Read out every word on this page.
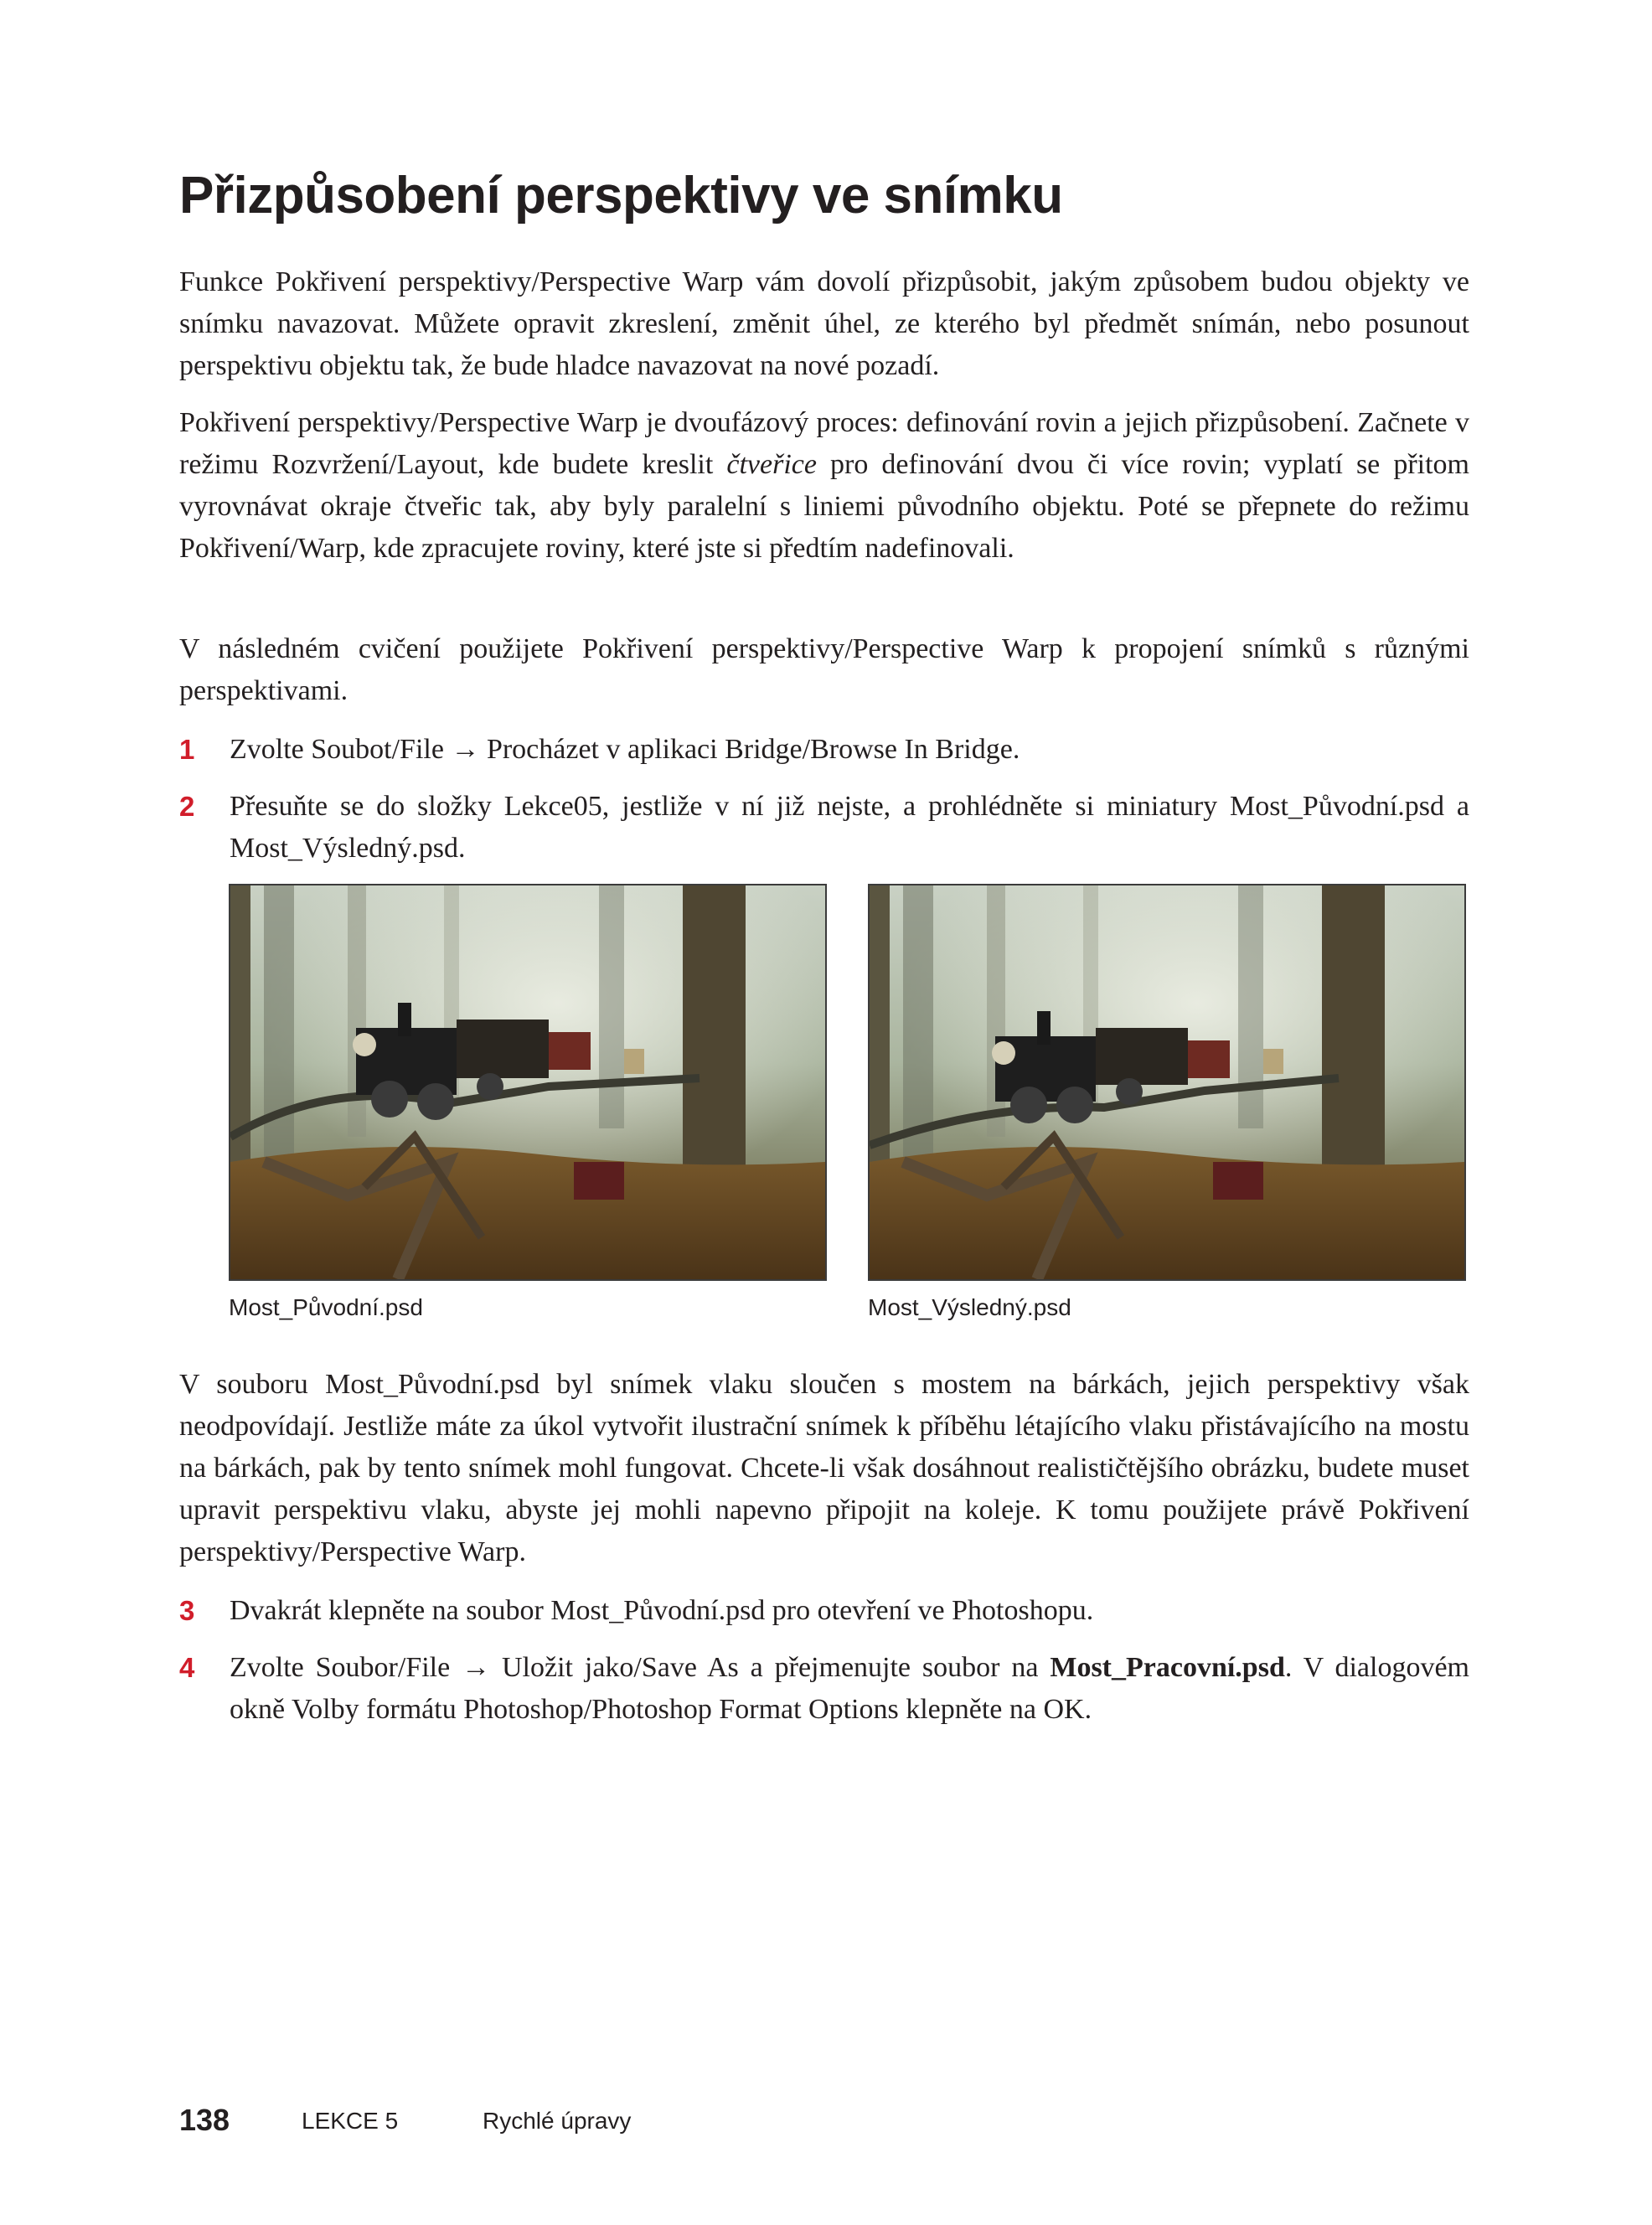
Přizpůsobení perspektivy ve snímku

Funkce Pokřivení perspektivy/Perspective Warp vám dovolí přizpůsobit, jakým způsobem budou objekty ve snímku navazovat. Můžete opravit zkreslení, změnit úhel, ze kterého byl předmět snímán, nebo posunout perspektivu objektu tak, že bude hladce navazovat na nové pozadí.

Pokřivení perspektivy/Perspective Warp je dvoufázový proces: definování rovin a jejich přizpůsobení. Začnete v režimu Rozvržení/Layout, kde budete kreslit čtveřice pro definování dvou či více rovin; vyplatí se přitom vyrovnávat okraje čtveřic tak, aby byly paralelní s liniemi původního objektu. Poté se přepnete do režimu Pokřivení/Warp, kde zpracujete roviny, které jste si předtím nadefinovali.

V následném cvičení použijete Pokřivení perspektivy/Perspective Warp k propojení snímků s různými perspektivami.

1 Zvolte Soubot/File → Procházet v aplikaci Bridge/Browse In Bridge.
2 Přesuňte se do složky Lekce05, jestliže v ní již nejste, a prohlédněte si miniatury Most_Původní.psd a Most_Výsledný.psd.
Most_Původní.psd	Most_Výsledný.psd

V souboru Most_Původní.psd byl snímek vlaku sloučen s mostem na bárkách, jejich perspektivy však neodpovídají. Jestliže máte za úkol vytvořit ilustrační snímek k příběhu létajícího vlaku přistávajícího na mostu na bárkách, pak by tento snímek mohl fungovat. Chcete-li však dosáhnout realističtějšího obrázku, budete muset upravit perspektivu vlaku, abyste jej mohli napevno připojit na koleje. K tomu použijete právě Pokřivení perspektivy/Perspective Warp.

3 Dvakrát klepněte na soubor Most_Původní.psd pro otevření ve Photoshopu.
4 Zvolte Soubor/File → Uložit jako/Save As a přejmenujte soubor na Most_Pracovní.psd. V dialogovém okně Volby formátu Photoshop/Photoshop Format Options klepněte na OK.
138	LEKCE 5	Rychlé úpravy
